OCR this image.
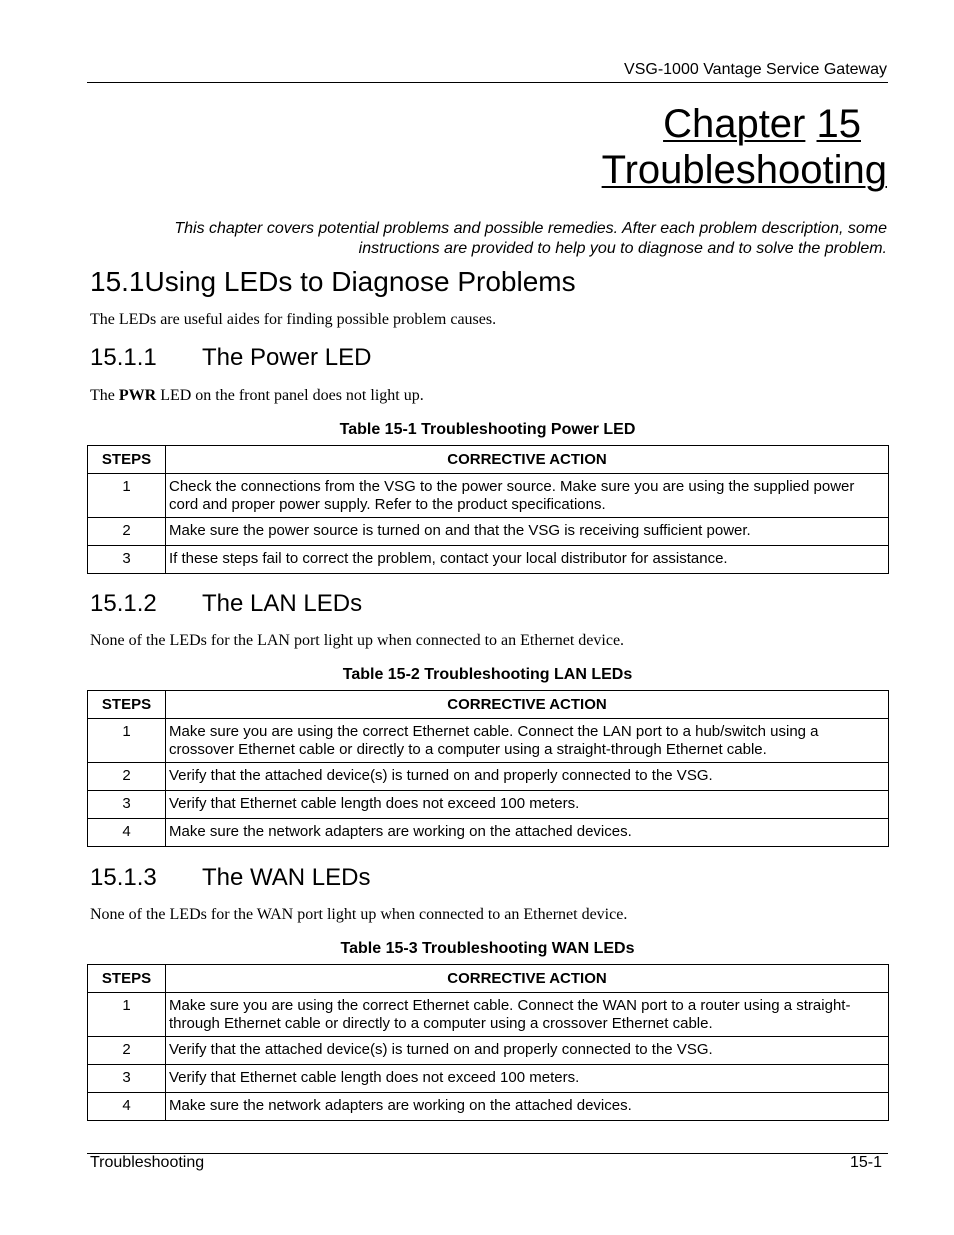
VSG-1000 Vantage Service Gateway
Chapter 15
Troubleshooting
This chapter covers potential problems and possible remedies. After each problem description, some instructions are provided to help you to diagnose and to solve the problem.
15.1Using LEDs to Diagnose Problems
The LEDs are useful aides for finding possible problem causes.
15.1.1 The Power LED
The PWR LED on the front panel does not light up.
Table 15-1 Troubleshooting Power LED
STEPS	CORRECTIVE ACTION
1	Check the connections from the VSG to the power source. Make sure you are using the supplied power cord and proper power supply. Refer to the product specifications.
2	Make sure the power source is turned on and that the VSG is receiving sufficient power.
3	If these steps fail to correct the problem, contact your local distributor for assistance.
15.1.2 The LAN LEDs
None of the LEDs for the LAN port light up when connected to an Ethernet device.
Table 15-2 Troubleshooting LAN LEDs
STEPS	CORRECTIVE ACTION
1	Make sure you are using the correct Ethernet cable. Connect the LAN port to a hub/switch using a crossover Ethernet cable or directly to a computer using a straight-through Ethernet cable.
2	Verify that the attached device(s) is turned on and properly connected to the VSG.
3	Verify that Ethernet cable length does not exceed 100 meters.
4	Make sure the network adapters are working on the attached devices.
15.1.3 The WAN LEDs
None of the LEDs for the WAN port light up when connected to an Ethernet device.
Table 15-3 Troubleshooting WAN LEDs
STEPS	CORRECTIVE ACTION
1	Make sure you are using the correct Ethernet cable. Connect the WAN port to a router using a straight-through Ethernet cable or directly to a computer using a crossover Ethernet cable.
2	Verify that the attached device(s) is turned on and properly connected to the VSG.
3	Verify that Ethernet cable length does not exceed 100 meters.
4	Make sure the network adapters are working on the attached devices.
Troubleshooting	15-1
